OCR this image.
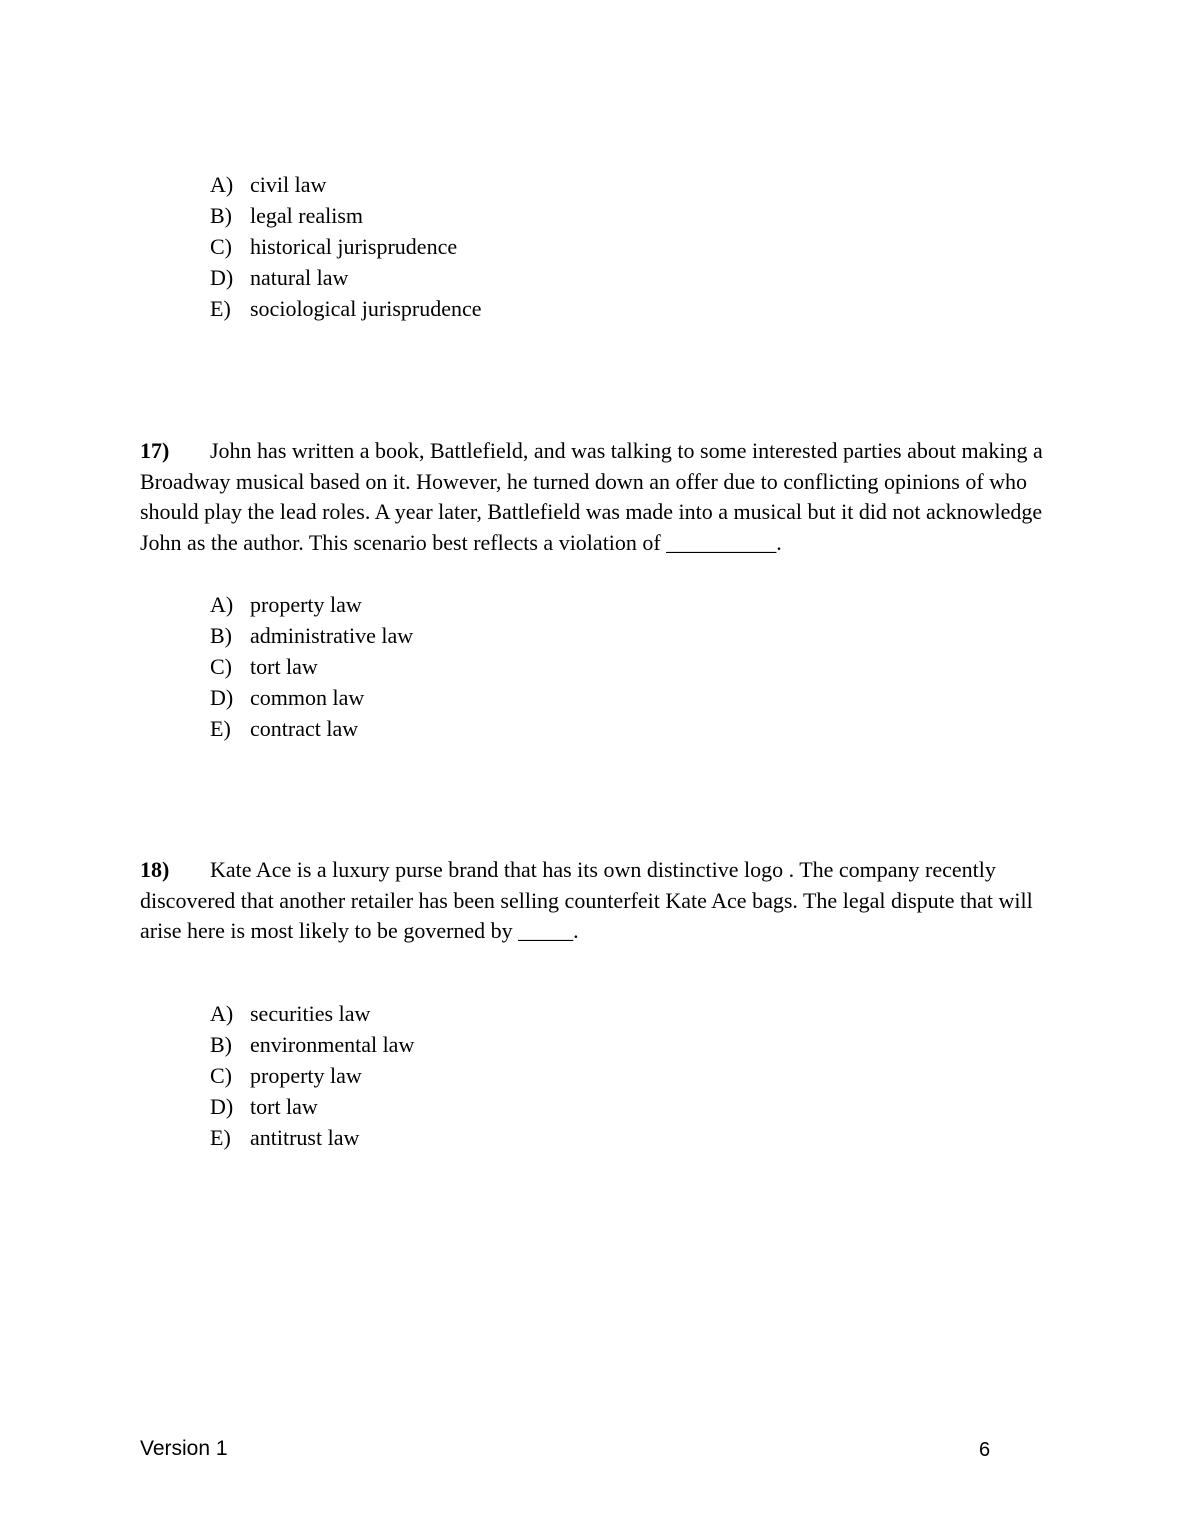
A) civil law
B) legal realism
C) historical jurisprudence
D) natural law
E) sociological jurisprudence

17) John has written a book, Battlefield, and was talking to some interested parties about making a Broadway musical based on it. However, he turned down an offer due to conflicting opinions of who should play the lead roles. A year later, Battlefield was made into a musical but it did not acknowledge John as the author. This scenario best reflects a violation of __________.

A) property law
B) administrative law
C) tort law
D) common law
E) contract law

18) Kate Ace is a luxury purse brand that has its own distinctive logo . The company recently discovered that another retailer has been selling counterfeit Kate Ace bags. The legal dispute that will arise here is most likely to be governed by _____.

A) securities law
B) environmental law
C) property law
D) tort law
E) antitrust law
Version 1	6
